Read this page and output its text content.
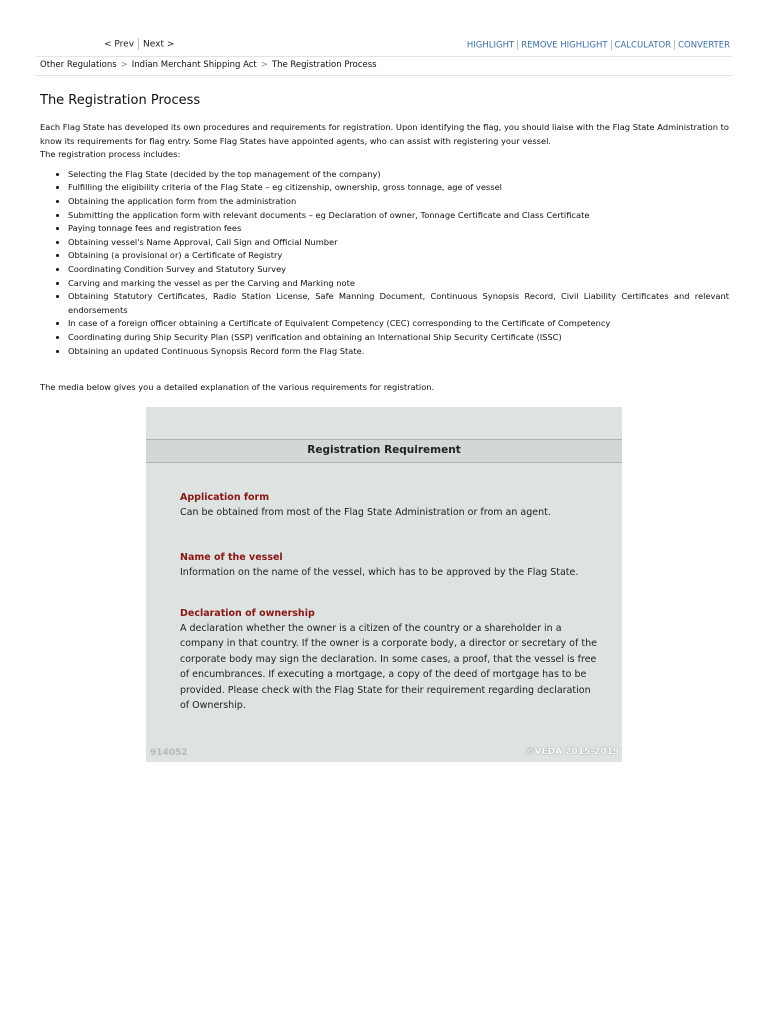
< Prev Next >	HIGHLIGHT REMOVE HIGHLIGHT CALCULATOR CONVERTER
Other Regulations > Indian Merchant Shipping Act > The Registration Process
The Registration Process

Each Flag State has developed its own procedures and requirements for registration. Upon identifying the flag, you should liaise with the Flag State Administration to know its requirements for flag entry. Some Flag States have appointed agents, who can assist with registering your vessel.

The registration process includes:

• Selecting the Flag State (decided by the top management of the company)
• Fulfilling the eligibility criteria of the Flag State – eg citizenship, ownership, gross tonnage, age of vessel
• Obtaining the application form from the administration
• Submitting the application form with relevant documents – eg Declaration of owner, Tonnage Certificate and Class Certificate
• Paying tonnage fees and registration fees
• Obtaining vessel's Name Approval, Call Sign and Official Number
• Obtaining (a provisional or) a Certificate of Registry
• Coordinating Condition Survey and Statutory Survey
• Carving and marking the vessel as per the Carving and Marking note
• Obtaining Statutory Certificates, Radio Station License, Safe Manning Document, Continuous Synopsis Record, Civil Liability Certificates and relevant endorsements
• In case of a foreign officer obtaining a Certificate of Equivalent Competency (CEC) corresponding to the Certificate of Competency
• Coordinating during Ship Security Plan (SSP) verification and obtaining an International Ship Security Certificate (ISSC)
• Obtaining an updated Continuous Synopsis Record form the Flag State.
The media below gives you a detailed explanation of the various requirements for registration.
Registration Requirement
Application form
Can be obtained from most of the Flag State Administration or from an agent.
Name of the vessel
Information on the name of the vessel, which has to be approved by the Flag State.
Declaration of ownership
A declaration whether the owner is a citizen of the country or a shareholder in a company in that country. If the owner is a corporate body, a director or secretary of the corporate body may sign the declaration. In some cases, a proof, that the vessel is free of encumbrances. If executing a mortgage, a copy of the deed of mortgage has to be provided. Please check with the Flag State for their requirement regarding declaration of Ownership.
914052	©VEDA 2015-2019
